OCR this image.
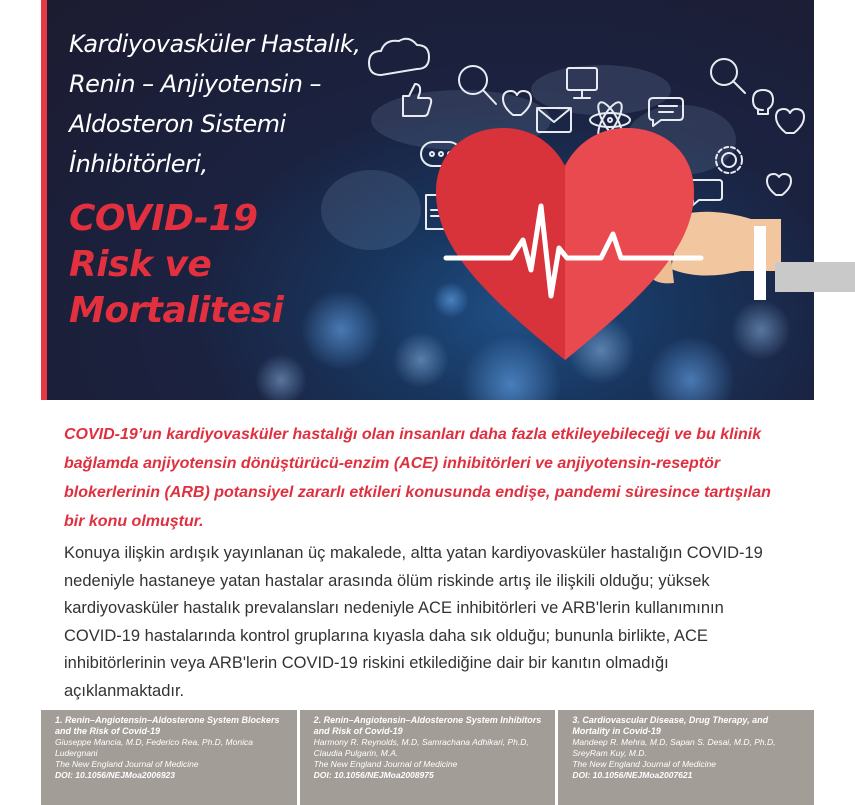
Kardiyovasküler Hastalık,
Renin – Anjiyotensin –
Aldosteron Sistemi
İnhibitörleri,
COVID-19
Risk ve
Mortalitesi

COVID-19’un kardiyovasküler hastalığı olan insanları daha fazla etkileyebileceği ve bu klinik bağlamda anjiyotensin dönüştürücü-enzim (ACE) inhibitörleri ve anjiyotensin-reseptör blokerlerinin (ARB) potansiyel zararlı etkileri konusunda endişe, pandemi süresince tartışılan bir konu olmuştur.

Konuya ilişkin ardışık yayınlanan üç makalede, altta yatan kardiyovasküler hastalığın COVID-19 nedeniyle hastaneye yatan hastalar arasında ölüm riskinde artış ile ilişkili olduğu; yüksek kardiyovasküler hastalık prevalansları nedeniyle ACE inhibitörleri ve ARB'lerin kullanımının COVID-19 hastalarında kontrol gruplarına kıyasla daha sık olduğu; bununla birlikte, ACE inhibitörlerinin veya ARB'lerin COVID-19 riskini etkilediğine dair bir kanıtın olmadığı açıklanmaktadır.

1. Renin–Angiotensin–Aldosterone System Blockers and the Risk of Covid-19

Giuseppe Mancia, M.D, Federico Rea, Ph.D, Monica Ludergnani

The New England Journal of Medicine

DOI: 10.1056/NEJMoa2006923

2. Renin–Angiotensin–Aldosterone System Inhibitors and Risk of Covid-19

Harmony R. Reynolds, M.D, Samrachana Adhikari, Ph.D, Claudia Pulgarin, M.A.

The New England Journal of Medicine

DOI: 10.1056/NEJMoa2008975

3. Cardiovascular Disease, Drug Therapy, and Mortality in Covid-19

Mandeep R. Mehra, M.D, Sapan S. Desai, M.D, Ph.D, SreyRam Kuy, M.D.

The New England Journal of Medicine

DOI: 10.1056/NEJMoa2007621
